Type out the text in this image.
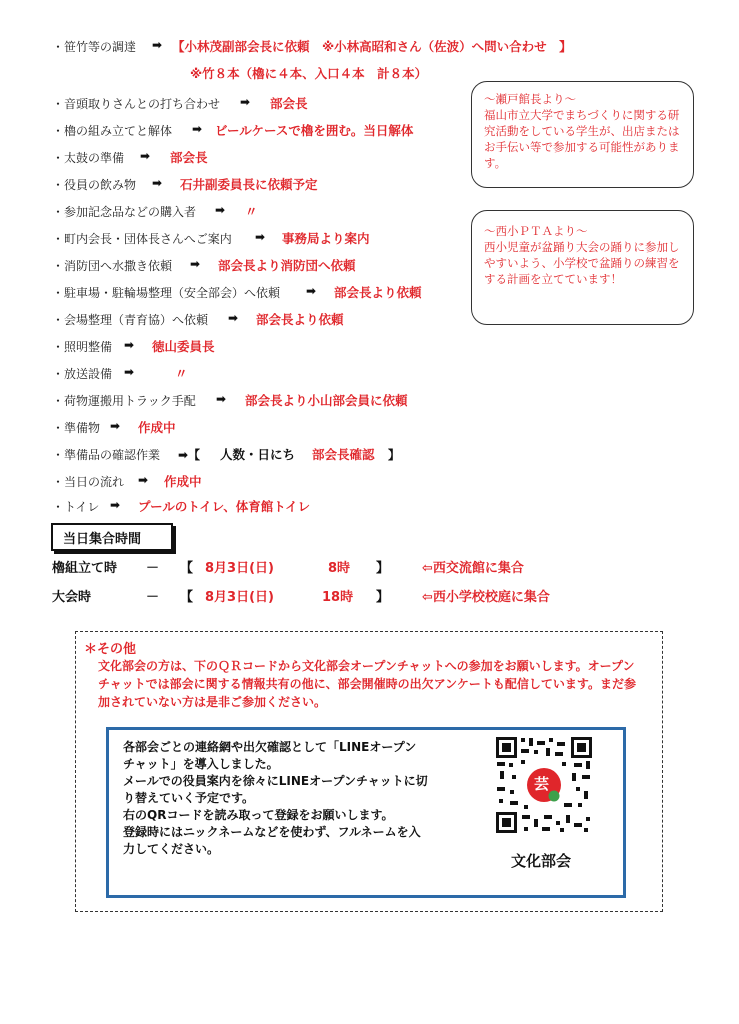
・笹竹等の調達 ➡ 【小林茂副部会長に依頼　※小林高昭和さん（佐波）へ問い合わせ　】
※竹８本（櫓に４本、入口４本　計８本）
・音頭取りさんとの打ち合わせ ➡ 部会長
・櫓の組み立てと解体 ➡ ビールケースで櫓を囲む。当日解体
・太鼓の準備 ➡ 部会長
・役員の飲み物 ➡ 石井副委員長に依頼予定
・参加記念品などの購入者 ➡ 〃
・町内会長・団体長さんへご案内 ➡ 事務局より案内
・消防団へ水撒き依頼 ➡ 部会長より消防団へ依頼
・駐車場・駐輪場整理（安全部会）へ依頼 ➡ 部会長より依頼
・会場整理（青育協）へ依頼 ➡ 部会長より依頼
・照明整備 ➡ 徳山委員長
・放送設備 ➡	〃
・荷物運搬用トラック手配 ➡ 部会長より小山部会員に依頼
・準備物 ➡ 作成中
・準備品の確認作業 ➡【 人数・日にち 部会長確認 】
・当日の流れ ➡ 作成中
・トイレ ➡ プールのトイレ、体育館トイレ
～瀬戸館長より～
福山市立大学でまちづくりに関する研究活動をしている学生が、出店またはお手伝い等で参加する可能性があります。
～西小ＰＴＡより～
西小児童が盆踊り大会の踊りに参加しやすいよう、小学校で盆踊りの練習をする計画を立てています！
当日集合時間
櫓組立て時 － 【 8月3日(日)	8時 】	⇦西交流館に集合
大会時	－ 【 8月3日(日)	18時 】	⇦西小学校校庭に集合
＊その他
文化部会の方は、下のＱＲコードから文化部会オープンチャットへの参加をお願いします。オープンチャットでは部会に関する情報共有の他に、部会開催時の出欠アンケートも配信しています。まだ参加されていない方は是非ご参加ください。
各部会ごとの連絡網や出欠確認として「LINEオープン
チャット」を導入しました。
メールでの役員案内を徐々にLINEオープンチャットに切
り替えていく予定です。
右のQRコードを読み取って登録をお願いします。
登録時にはニックネームなどを使わず、フルネームを入
力してください。
芸
文化部会
